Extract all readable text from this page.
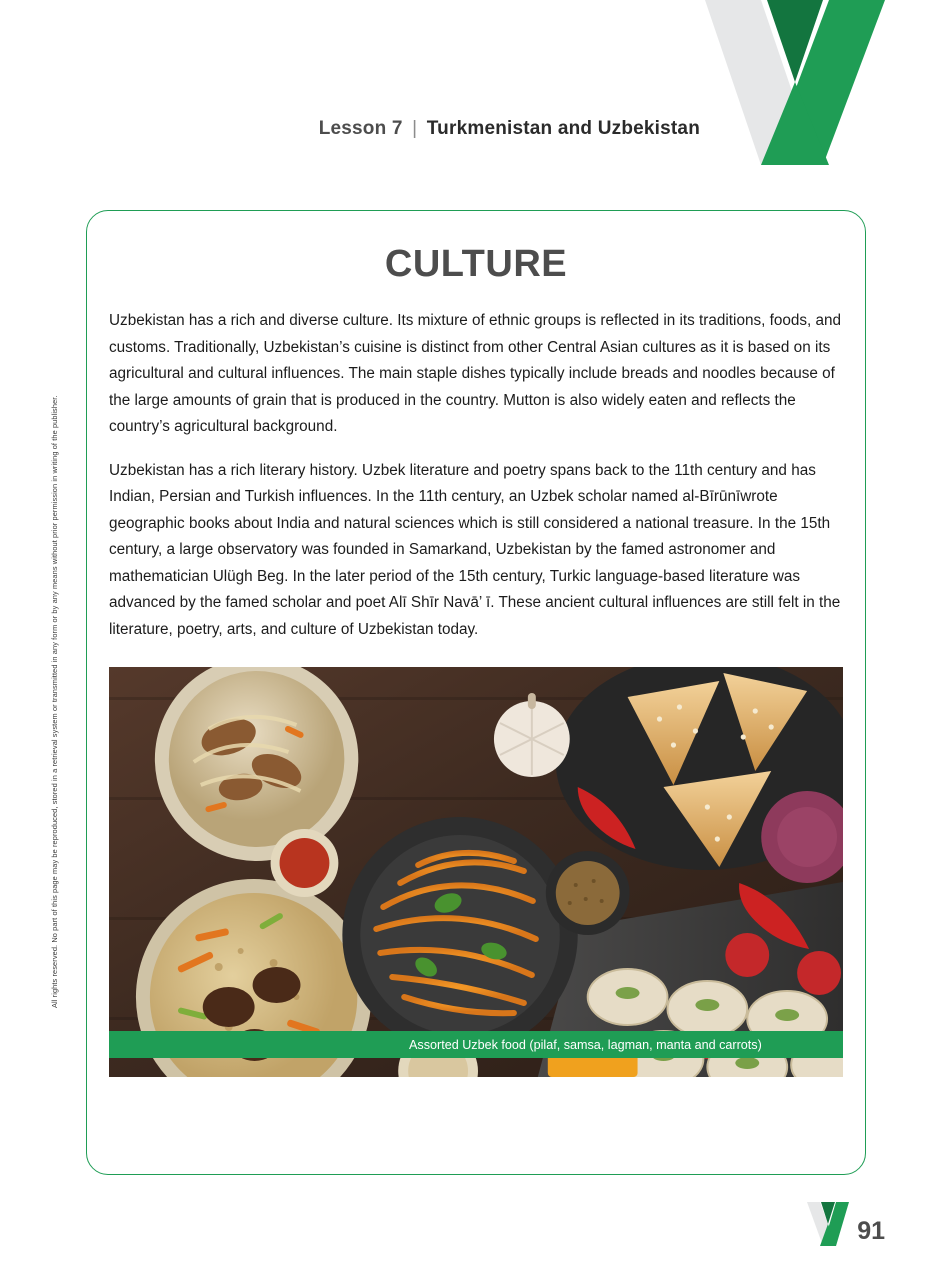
Lesson 7 | Turkmenistan and Uzbekistan
All rights reserved. No part of this page may be reproduced, stored in a retrieval system or transmitted in any form or by any means without prior permission in writing of the publisher.
CULTURE

Uzbekistan has a rich and diverse culture. Its mixture of ethnic groups is reflected in its traditions, foods, and customs. Traditionally, Uzbekistan’s cuisine is distinct from other Central Asian cultures as it is based on its agricultural and cultural influences. The main staple dishes typically include breads and noodles because of the large amounts of grain that is produced in the country. Mutton is also widely eaten and reflects the country’s agricultural background.

Uzbekistan has a rich literary history. Uzbek literature and poetry spans back to the 11th century and has Indian, Persian and Turkish influences. In the 11th century, an Uzbek scholar named al-Bīrūnīwrote geographic books about India and natural sciences which is still considered a national treasure. In the 15th century, a large observatory was founded in Samarkand, Uzbekistan by the famed astronomer and mathematician Ulügh Beg. In the later period of the 15th century, Turkic language-based literature was advanced by the famed scholar and poet Alī Shīr Navā’ ī. These ancient cultural influences are still felt in the literature, poetry, arts, and culture of Uzbekistan today.

Assorted Uzbek food (pilaf, samsa, lagman, manta and carrots)
91
